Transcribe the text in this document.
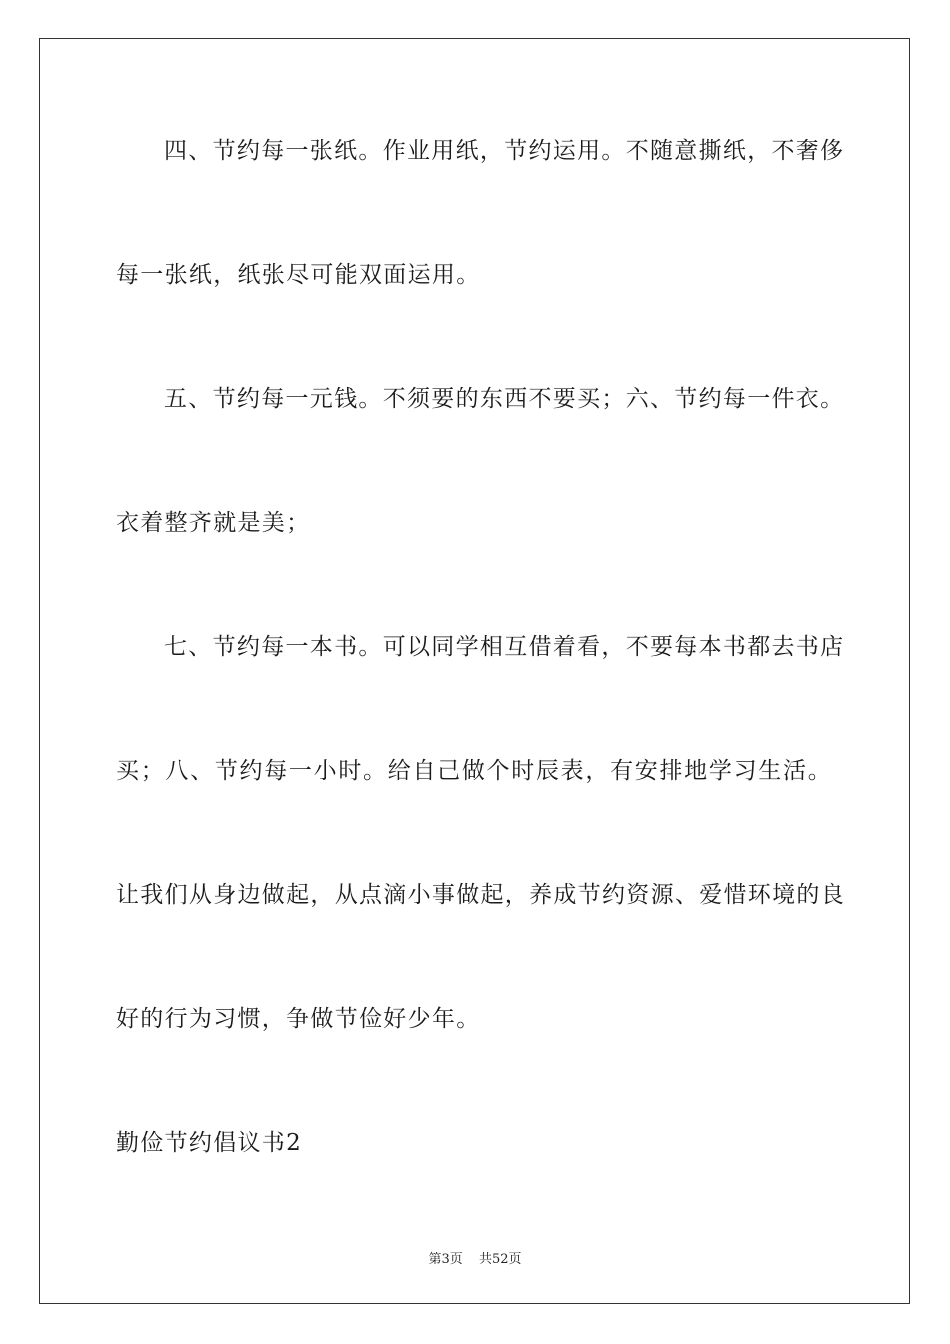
四、节约每一张纸。作业用纸，节约运用。不随意撕纸，不奢侈
每一张纸，纸张尽可能双面运用。
五、节约每一元钱。不须要的东西不要买；六、节约每一件衣。
衣着整齐就是美；
七、节约每一本书。可以同学相互借着看，不要每本书都去书店
买；八、节约每一小时。给自己做个时辰表，有安排地学习生活。
让我们从身边做起，从点滴小事做起，养成节约资源、爱惜环境的良
好的行为习惯，争做节俭好少年。
勤俭节约倡议书2
第3页 共52页
